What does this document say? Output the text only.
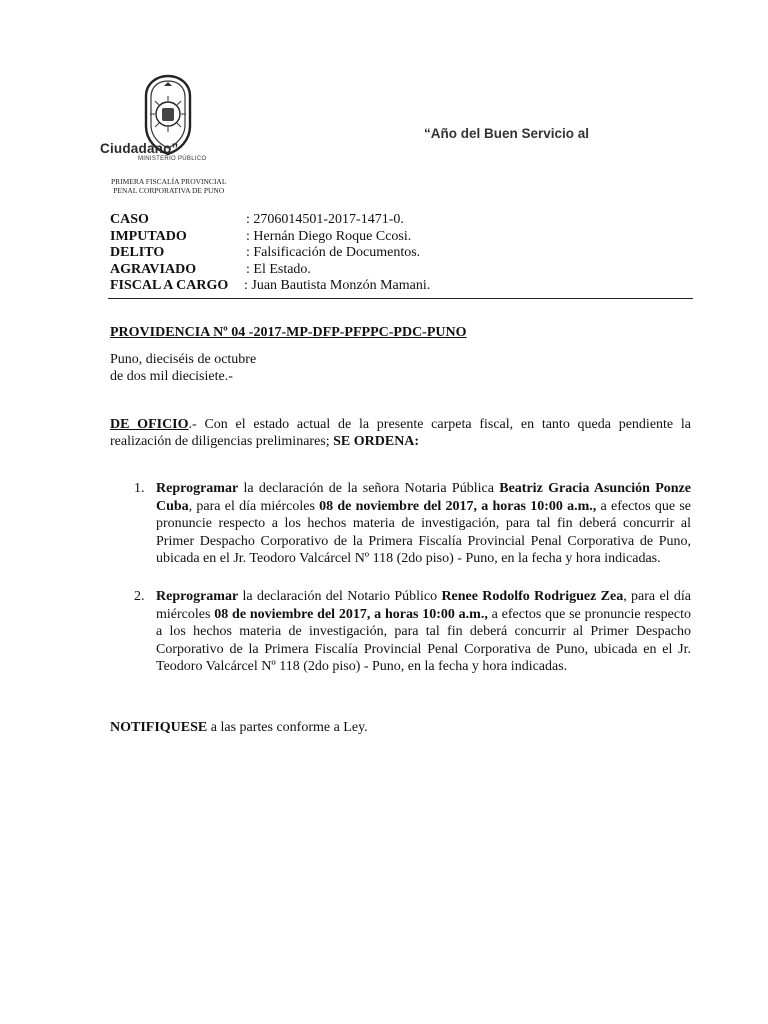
Ciudadano”
MINISTERIO PÚBLICO
PRIMERA FISCALÍA PROVINCIAL
PENAL CORPORATIVA DE PUNO
“Año del Buen Servicio al
CASO	: 2706014501-2017-1471-0.
IMPUTADO	: Hernán Diego Roque Ccosi.
DELITO	: Falsificación de Documentos.
AGRAVIADO	: El Estado.
FISCAL A CARGO	: Juan Bautista Monzón Mamani.
PROVIDENCIA Nº 04 -2017-MP-DFP-PFPPC-PDC-PUNO
Puno, dieciséis de octubre
de dos mil diecisiete.-
DE OFICIO.- Con el estado actual de la presente carpeta fiscal, en tanto queda pendiente la realización de diligencias preliminares; SE ORDENA:
1. Reprogramar la declaración de la señora Notaria Pública Beatriz Gracia Asunción Ponze Cuba, para el día miércoles 08 de noviembre del 2017, a horas 10:00 a.m., a efectos que se pronuncie respecto a los hechos materia de investigación, para tal fin deberá concurrir al Primer Despacho Corporativo de la Primera Fiscalía Provincial Penal Corporativa de Puno, ubicada en el Jr. Teodoro Valcárcel Nº 118 (2do piso) - Puno, en la fecha y hora indicadas.
2. Reprogramar la declaración del Notario Público Renee Rodolfo Rodriguez Zea, para el día miércoles 08 de noviembre del 2017, a horas 10:00 a.m., a efectos que se pronuncie respecto a los hechos materia de investigación, para tal fin deberá concurrir al Primer Despacho Corporativo de la Primera Fiscalía Provincial Penal Corporativa de Puno, ubicada en el Jr. Teodoro Valcárcel Nº 118 (2do piso) - Puno, en la fecha y hora indicadas.
NOTIFIQUESE a las partes conforme a Ley.
